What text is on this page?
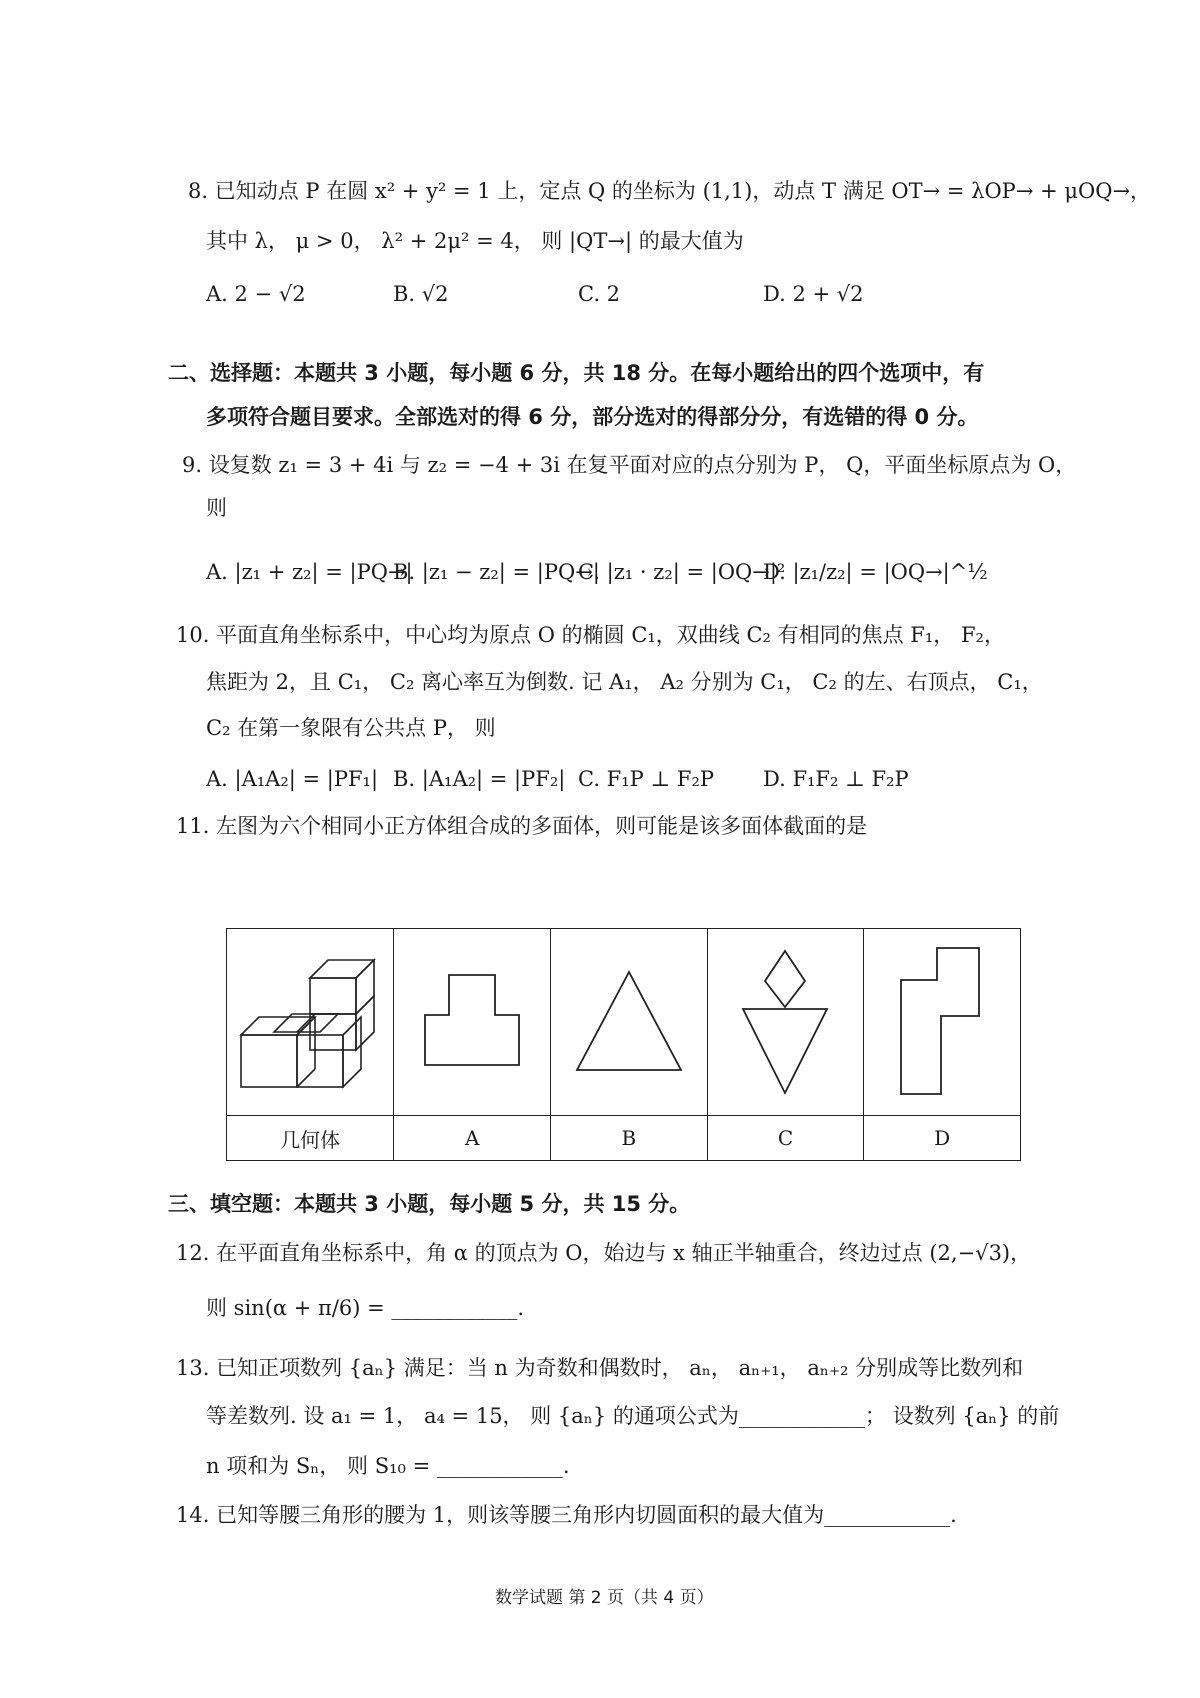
8. 已知动点 P 在圆 x² + y² = 1 上，定点 Q 的坐标为 (1,1)，动点 T 满足 OT→ = λOP→ + μOQ→，
其中 λ， μ > 0， λ² + 2μ² = 4， 则 |QT→| 的最大值为
A. 2 − √2	B. √2	C. 2	D. 2 + √2
二、选择题：本题共 3 小题，每小题 6 分，共 18 分。在每小题给出的四个选项中，有
多项符合题目要求。全部选对的得 6 分，部分选对的得部分分，有选错的得 0 分。
9. 设复数 z₁ = 3 + 4i 与 z₂ = −4 + 3i 在复平面对应的点分别为 P， Q，平面坐标原点为 O，
则
A. |z₁ + z₂| = |PQ→|
B. |z₁ − z₂| = |PQ→|
C. |z₁ · z₂| = |OQ→|²
D. |z₁/z₂| = |OQ→|^½
10. 平面直角坐标系中，中心均为原点 O 的椭圆 C₁，双曲线 C₂ 有相同的焦点 F₁， F₂，
焦距为 2，且 C₁， C₂ 离心率互为倒数. 记 A₁， A₂ 分别为 C₁， C₂ 的左、右顶点， C₁，
C₂ 在第一象限有公共点 P， 则
A. |A₁A₂| = |PF₁| B. |A₁A₂| = |PF₂| C. F₁P ⊥ F₂P D. F₁F₂ ⊥ F₂P
11. 左图为六个相同小正方体组合成的多面体，则可能是该多面体截面的是

几何体	A	B	C	D
三、填空题：本题共 3 小题，每小题 5 分，共 15 分。
12. 在平面直角坐标系中，角 α 的顶点为 O，始边与 x 轴正半轴重合，终边过点 (2,−√3)，
则 sin(α + π/6) = ____________.
13. 已知正项数列 {aₙ} 满足：当 n 为奇数和偶数时， aₙ， aₙ₊₁， aₙ₊₂ 分别成等比数列和
等差数列. 设 a₁ = 1， a₄ = 15， 则 {aₙ} 的通项公式为____________； 设数列 {aₙ} 的前
n 项和为 Sₙ， 则 S₁₀ = ____________.
14. 已知等腰三角形的腰为 1，则该等腰三角形内切圆面积的最大值为____________.
数学试题 第 2 页（共 4 页）
